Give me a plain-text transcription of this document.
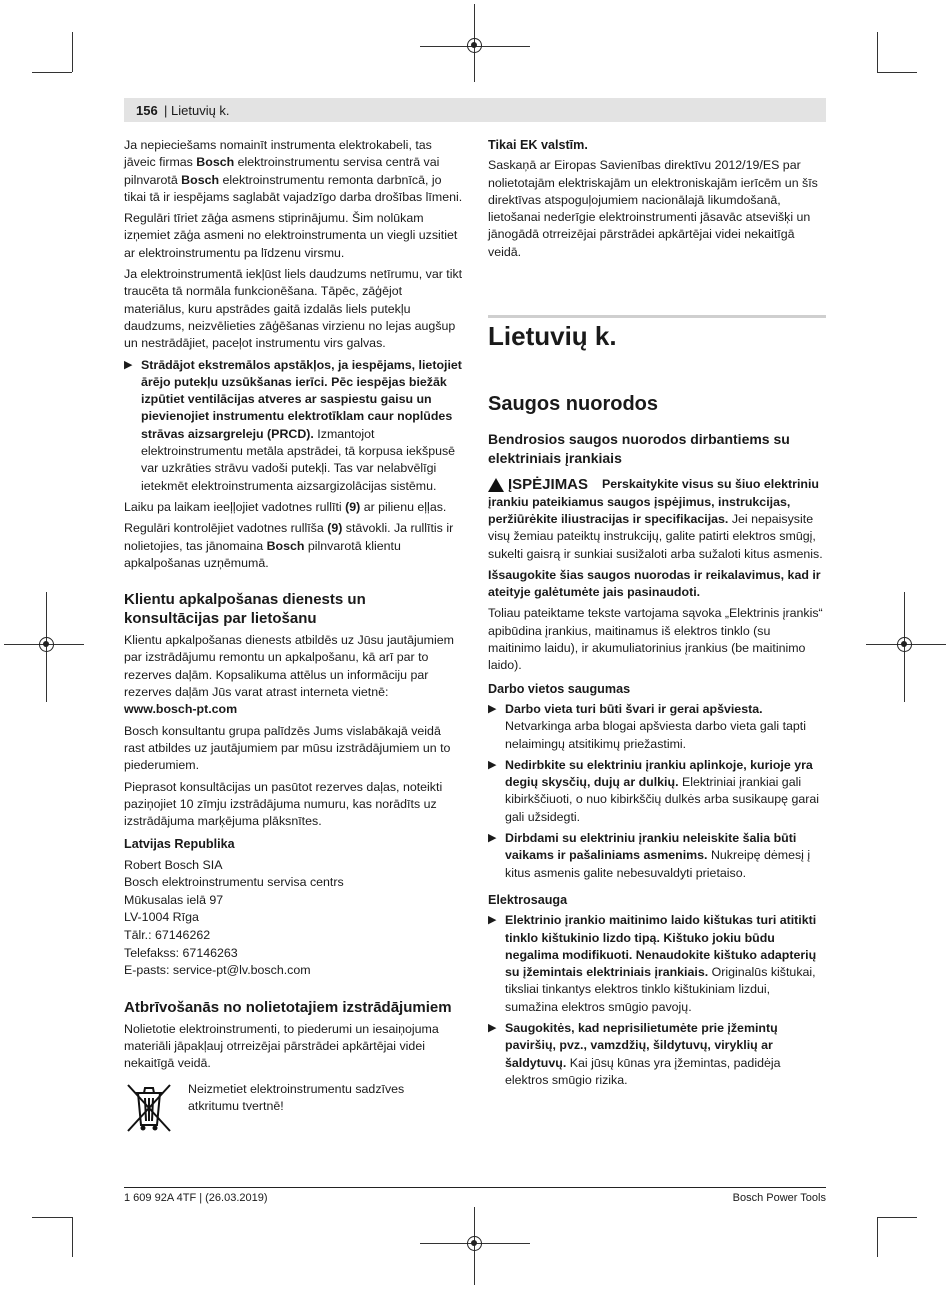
156 | Lietuvių k.

Ja nepieciešams nomainīt instrumenta elektrokabeli, tas jāveic firmas Bosch elektroinstrumentu servisa centrā vai pilnvarotā Bosch elektroinstrumentu remonta darbnīcā, jo tikai tā ir iespējams saglabāt vajadzīgo darba drošības līmeni.

Regulāri tīriet zāģa asmens stiprinājumu. Šim nolūkam izņemiet zāģa asmeni no elektroinstrumenta un viegli uzsitiet ar elektroinstrumentu pa līdzenu virsmu.

Ja elektroinstrumentā iekļūst liels daudzums netīrumu, var tikt traucēta tā normāla funkcionēšana. Tāpēc, zāģējot materiālus, kuru apstrādes gaitā izdalās liels putekļu daudzums, neizvēlieties zāģēšanas virzienu no lejas augšup un nestrādājiet, paceļot instrumentu virs galvas.

▶ Strādājot ekstremālos apstākļos, ja iespējams, lietojiet ārējo putekļu uzsūkšanas ierīci. Pēc iespējas biežāk izpūtiet ventilācijas atveres ar saspiestu gaisu un pievienojiet instrumentu elektrotīklam caur noplūdes strāvas aizsargreleju (PRCD). Izmantojot elektroinstrumentu metāla apstrādei, tā korpusa iekšpusē var uzkrāties strāvu vadoši putekļi. Tas var nelabvēlīgi ietekmēt elektroinstrumenta aizsargizolācijas sistēmu.

Laiku pa laikam ieeļļojiet vadotnes rullīti (9) ar pilienu eļļas.

Regulāri kontrolējiet vadotnes rullīša (9) stāvokli. Ja rullītis ir nolietojies, tas jānomaina Bosch pilnvarotā klientu apkalpošanas uzņēmumā.

Klientu apkalpošanas dienests un konsultācijas par lietošanu

Klientu apkalpošanas dienests atbildēs uz Jūsu jautājumiem par izstrādājumu remontu un apkalpošanu, kā arī par to rezerves daļām. Kopsalikuma attēlus un informāciju par rezerves daļām Jūs varat atrast interneta vietnē:

www.bosch-pt.com

Bosch konsultantu grupa palīdzēs Jums vislabākajā veidā rast atbildes uz jautājumiem par mūsu izstrādājumiem un to piederumiem.

Pieprasot konsultācijas un pasūtot rezerves daļas, noteikti paziņojiet 10 zīmju izstrādājuma numuru, kas norādīts uz izstrādājuma marķējuma plāksnītes.

Latvijas Republika
Robert Bosch SIA
Bosch elektroinstrumentu servisa centrs
Mūkusalas ielā 97
LV-1004 Rīga
Tālr.: 67146262
Telefakss: 67146263
E-pasts: service-pt@lv.bosch.com
Atbrīvošanās no nolietotajiem izstrādājumiem

Nolietotie elektroinstrumenti, to piederumi un iesaiņojuma materiāli jāpakļauj otrreizējai pārstrādei apkārtējai videi nekaitīgā veidā.

Neizmetiet elektroinstrumentu sadzīves atkritumu tvertnē!
Tikai EK valstīm.

Saskaņā ar Eiropas Savienības direktīvu 2012/19/ES par nolietotajām elektriskajām un elektroniskajām ierīcēm un šīs direktīvas atspoguļojumiem nacionālajā likumdošanā, lietošanai nederīgie elektroinstrumenti jāsavāc atsevišķi un jānogādā otrreizējai pārstrādei apkārtējai videi nekaitīgā veidā.

Lietuvių k.
Saugos nuorodos
Bendrosios saugos nuorodos dirbantiems su elektriniais įrankiais
ĮSPĖJIMAS	Perskaitykite visus su šiuo elektriniu įrankiu pateikiamus saugos įspėjimus, instrukcijas, peržiūrėkite iliustracijas ir specifikacijas. Jei nepaisysite visų žemiau pateiktų instrukcijų, galite patirti elektros smūgį, sukelti gaisrą ir sunkiai susižaloti arba sužaloti kitus asmenis.

Išsaugokite šias saugos nuorodas ir reikalavimus, kad ir ateityje galėtumėte jais pasinaudoti.

Toliau pateiktame tekste vartojama sąvoka „Elektrinis įrankis“ apibūdina įrankius, maitinamus iš elektros tinklo (su maitinimo laidu), ir akumuliatorinius įrankius (be maitinimo laido).

Darbo vietos saugumas
▶ Darbo vieta turi būti švari ir gerai apšviesta. Netvarkinga arba blogai apšviesta darbo vieta gali tapti nelaimingų atsitikimų priežastimi.
▶ Nedirbkite su elektriniu įrankiu aplinkoje, kurioje yra degių skysčių, dujų ar dulkių. Elektriniai įrankiai gali kibirkščiuoti, o nuo kibirkščių dulkės arba susikaupę garai gali užsidegti.
▶ Dirbdami su elektriniu įrankiu neleiskite šalia būti vaikams ir pašaliniams asmenims. Nukreipę dėmesį į kitus asmenis galite nebesuvaldyti prietaiso.
Elektrosauga
▶ Elektrinio įrankio maitinimo laido kištukas turi atitikti tinklo kištukinio lizdo tipą. Kištuko jokiu būdu negalima modifikuoti. Nenaudokite kištuko adapterių su įžemintais elektriniais įrankiais. Originalūs kištukai, tiksliai tinkantys elektros tinklo kištukiniam lizdui, sumažina elektros smūgio pavojų.
▶ Saugokitės, kad neprisilietumėte prie įžemintų paviršių, pvz., vamzdžių, šildytuvų, viryklių ar šaldytuvų. Kai jūsų kūnas yra įžemintas, padidėja elektros smūgio rizika.
1 609 92A 4TF | (26.03.2019)	Bosch Power Tools
